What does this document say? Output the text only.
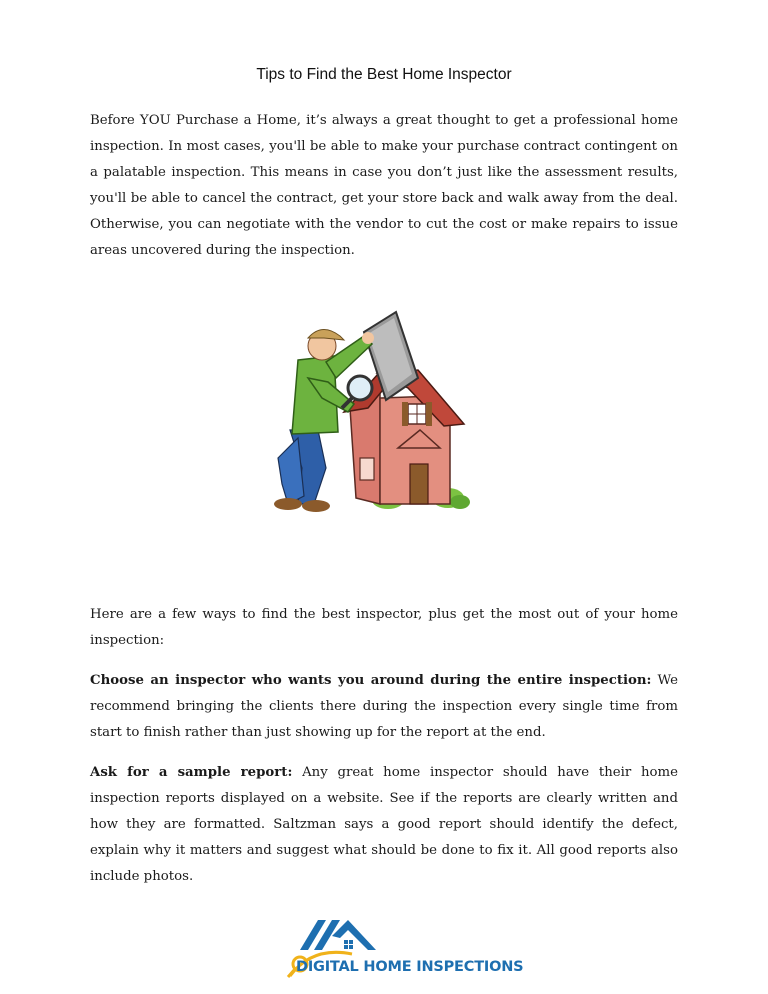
Tips to Find the Best Home Inspector

Before YOU Purchase a Home, it’s always a great thought to get a professional home inspection. In most cases, you'll be able to make your purchase contract contingent on a palatable inspection. This means in case you don’t just like the assessment results, you'll be able to cancel the contract, get your store back and walk away from the deal. Otherwise, you can negotiate with the vendor to cut the cost or make repairs to issue areas uncovered during the inspection.

Here are a few ways to find the best inspector, plus get the most out of your home inspection:

Choose an inspector who wants you around during the entire inspection: We recommend bringing the clients there during the inspection every single time from start to finish rather than just showing up for the report at the end.

Ask for a sample report: Any great home inspector should have their home inspection reports displayed on a website. See if the reports are clearly written and how they are formatted. Saltzman says a good report should identify the defect, explain why it matters and suggest what should be done to fix it. All good reports also include photos.

DIGITAL HOME INSPECTIONS
